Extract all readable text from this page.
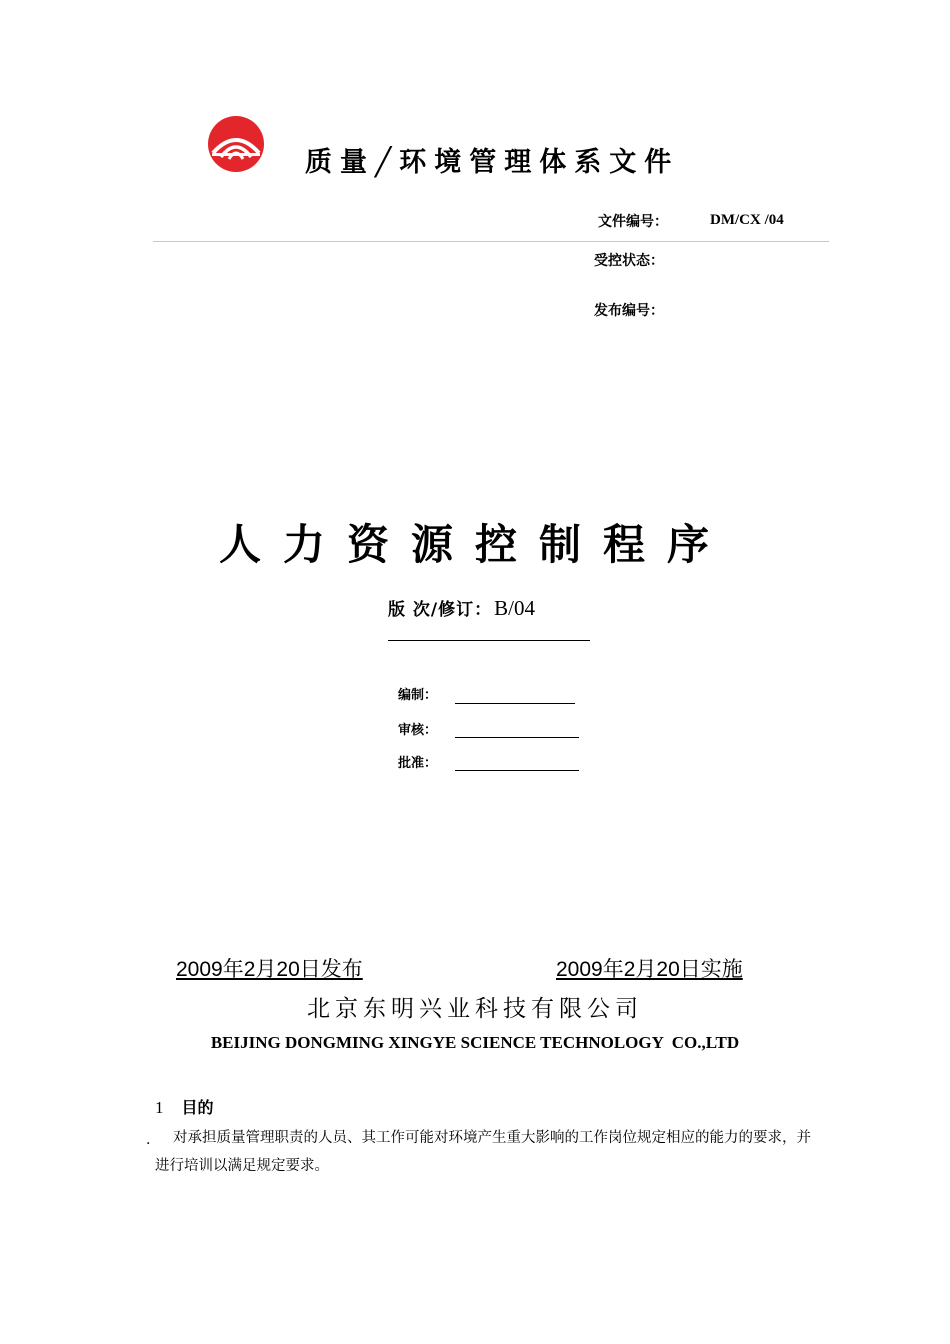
质量╱环境管理体系文件
文件编号：	DM/CX /04
受控状态：
发布编号：
人力资源控制程序
版 次/修订： B/04
编制：
审核：
批准：
2009年2月20日发布	2009年2月20日实施
北京东明兴业科技有限公司
BEIJING DONGMING XINGYE SCIENCE TECHNOLOGY  CO.,LTD
1 目的
.	对承担质量管理职责的人员、其工作可能对环境产生重大影响的工作岗位规定相应的能力的要求，并进行培训以满足规定要求。
